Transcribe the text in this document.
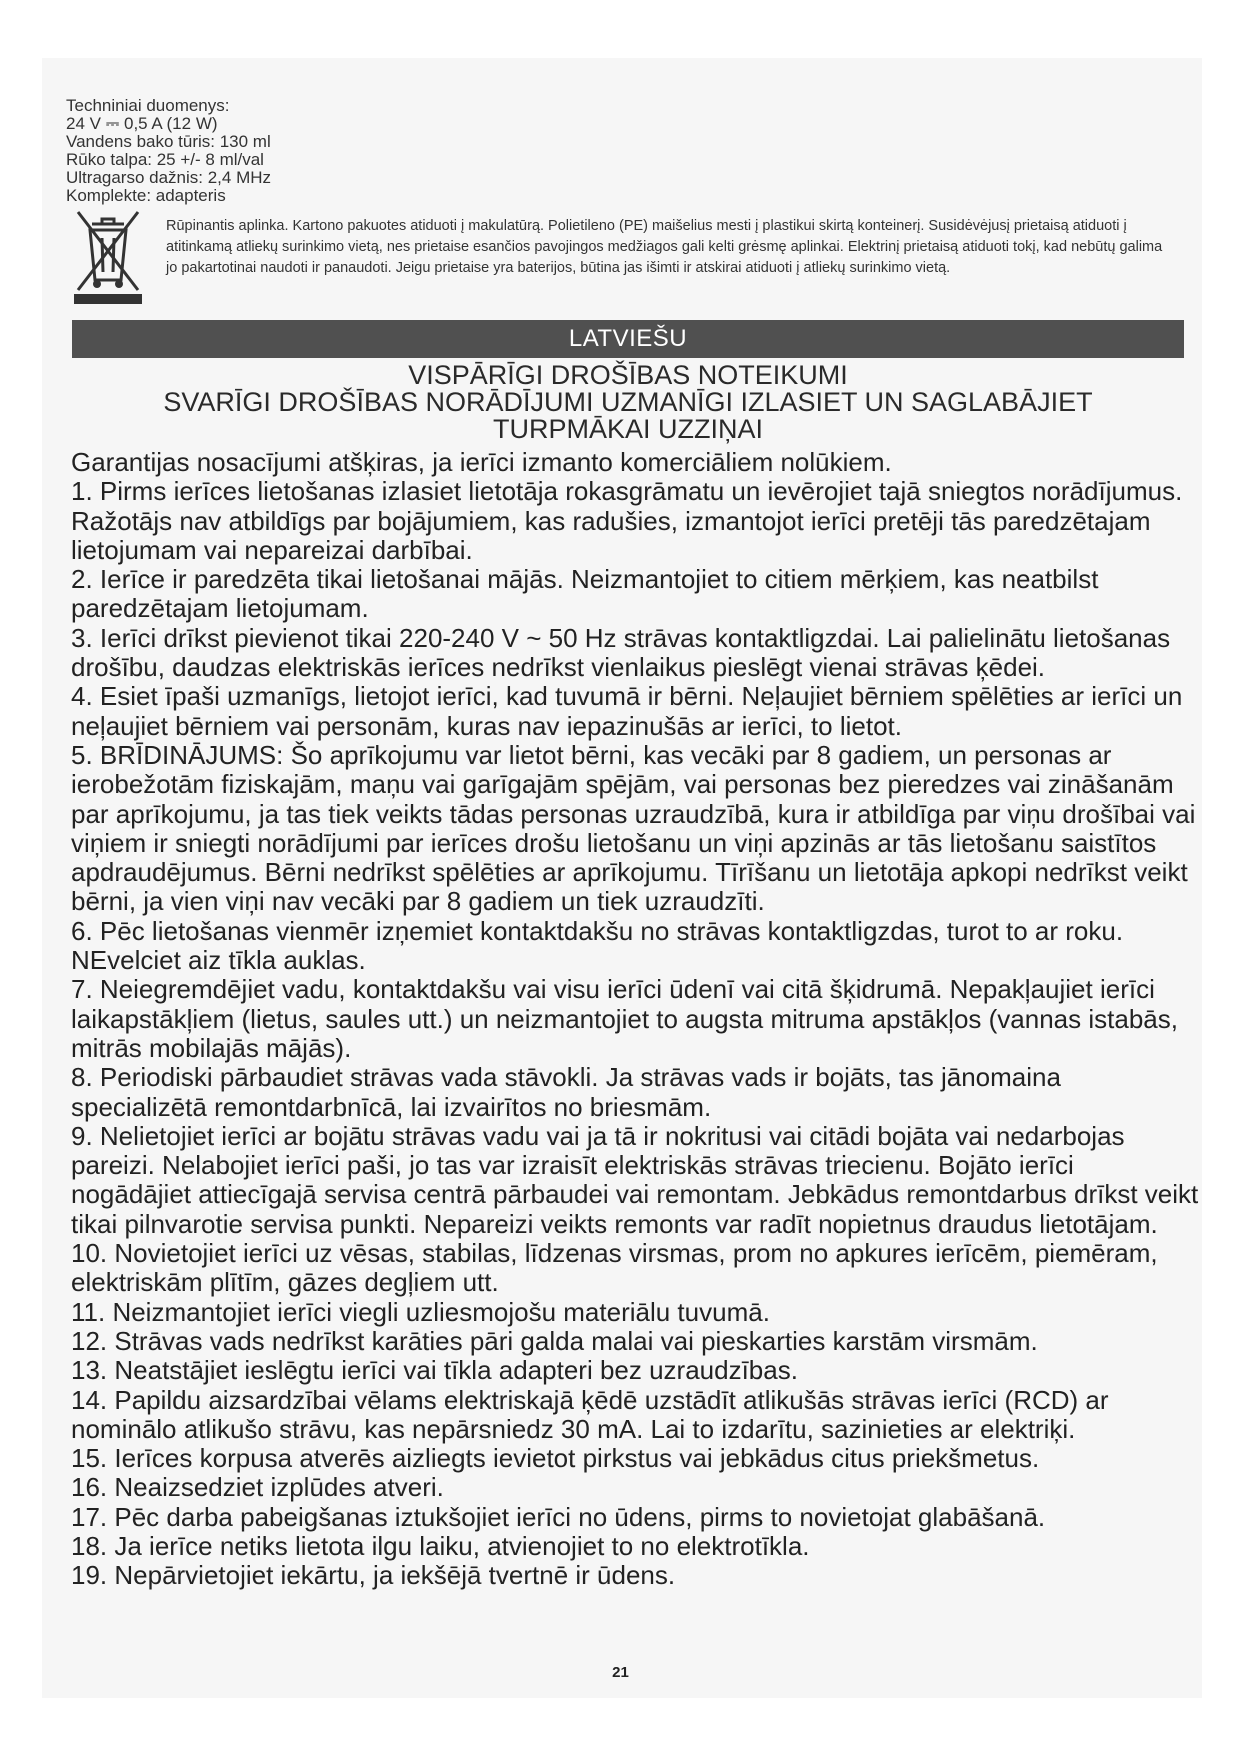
Techniniai duomenys:
24 V ⎓ 0,5 A (12 W)
Vandens bako tūris: 130 ml
Rūko talpa: 25 +/- 8 ml/val
Ultragarso dažnis: 2,4 MHz
Komplekte: adapteris
Rūpinantis aplinka. Kartono pakuotes atiduoti į makulatūrą. Polietileno (PE) maišelius mesti į plastikui skirtą konteinerį. Susidėvėjusį prietaisą atiduoti į atitinkamą atliekų surinkimo vietą, nes prietaise esančios pavojingos medžiagos gali kelti grėsmę aplinkai. Elektrinį prietaisą atiduoti tokį, kad nebūtų galima jo pakartotinai naudoti ir panaudoti. Jeigu prietaise yra baterijos, būtina jas išimti ir atskirai atiduoti į atliekų surinkimo vietą.
LATVIEŠU
VISPĀRĪGI DROŠĪBAS NOTEIKUMI
SVARĪGI DROŠĪBAS NORĀDĪJUMI UZMANĪGI IZLASIET UN SAGLABĀJIET
TURPMĀKAI UZZIŅAI

Garantijas nosacījumi atšķiras, ja ierīci izmanto komerciāliem nolūkiem.

1. Pirms ierīces lietošanas izlasiet lietotāja rokasgrāmatu un ievērojiet tajā sniegtos norādījumus. Ražotājs nav atbildīgs par bojājumiem, kas radušies, izmantojot ierīci pretēji tās paredzētajam lietojumam vai nepareizai darbībai.

2. Ierīce ir paredzēta tikai lietošanai mājās. Neizmantojiet to citiem mērķiem, kas neatbilst paredzētajam lietojumam.

3. Ierīci drīkst pievienot tikai 220-240 V ~ 50 Hz strāvas kontaktligzdai. Lai palielinātu lietošanas drošību, daudzas elektriskās ierīces nedrīkst vienlaikus pieslēgt vienai strāvas ķēdei.

4. Esiet īpaši uzmanīgs, lietojot ierīci, kad tuvumā ir bērni. Neļaujiet bērniem spēlēties ar ierīci un neļaujiet bērniem vai personām, kuras nav iepazinušās ar ierīci, to lietot.

5. BRĪDINĀJUMS: Šo aprīkojumu var lietot bērni, kas vecāki par 8 gadiem, un personas ar ierobežotām fiziskajām, maņu vai garīgajām spējām, vai personas bez pieredzes vai zināšanām par aprīkojumu, ja tas tiek veikts tādas personas uzraudzībā, kura ir atbildīga par viņu drošībai vai viņiem ir sniegti norādījumi par ierīces drošu lietošanu un viņi apzinās ar tās lietošanu saistītos apdraudējumus. Bērni nedrīkst spēlēties ar aprīkojumu. Tīrīšanu un lietotāja apkopi nedrīkst veikt bērni, ja vien viņi nav vecāki par 8 gadiem un tiek uzraudzīti.

6. Pēc lietošanas vienmēr izņemiet kontaktdakšu no strāvas kontaktligzdas, turot to ar roku. NEvelciet aiz tīkla auklas.

7. Neiegremdējiet vadu, kontaktdakšu vai visu ierīci ūdenī vai citā šķidrumā. Nepakļaujiet ierīci laikapstākļiem (lietus, saules utt.) un neizmantojiet to augsta mitruma apstākļos (vannas istabās, mitrās mobilajās mājās).

8. Periodiski pārbaudiet strāvas vada stāvokli. Ja strāvas vads ir bojāts, tas jānomaina specializētā remontdarbnīcā, lai izvairītos no briesmām.

9. Nelietojiet ierīci ar bojātu strāvas vadu vai ja tā ir nokritusi vai citādi bojāta vai nedarbojas pareizi. Nelabojiet ierīci paši, jo tas var izraisīt elektriskās strāvas triecienu. Bojāto ierīci nogādājiet attiecīgajā servisa centrā pārbaudei vai remontam. Jebkādus remontdarbus drīkst veikt tikai pilnvarotie servisa punkti. Nepareizi veikts remonts var radīt nopietnus draudus lietotājam.

10. Novietojiet ierīci uz vēsas, stabilas, līdzenas virsmas, prom no apkures ierīcēm, piemēram, elektriskām plītīm, gāzes degļiem utt.

11. Neizmantojiet ierīci viegli uzliesmojošu materiālu tuvumā.

12. Strāvas vads nedrīkst karāties pāri galda malai vai pieskarties karstām virsmām.

13. Neatstājiet ieslēgtu ierīci vai tīkla adapteri bez uzraudzības.

14. Papildu aizsardzībai vēlams elektriskajā ķēdē uzstādīt atlikušās strāvas ierīci (RCD) ar nominālo atlikušo strāvu, kas nepārsniedz 30 mA. Lai to izdarītu, sazinieties ar elektriķi.

15. Ierīces korpusa atverēs aizliegts ievietot pirkstus vai jebkādus citus priekšmetus.

16. Neaizsedziet izplūdes atveri.

17. Pēc darba pabeigšanas iztukšojiet ierīci no ūdens, pirms to novietojat glabāšanā.

18. Ja ierīce netiks lietota ilgu laiku, atvienojiet to no elektrotīkla.

19. Nepārvietojiet iekārtu, ja iekšējā tvertnē ir ūdens.

21
